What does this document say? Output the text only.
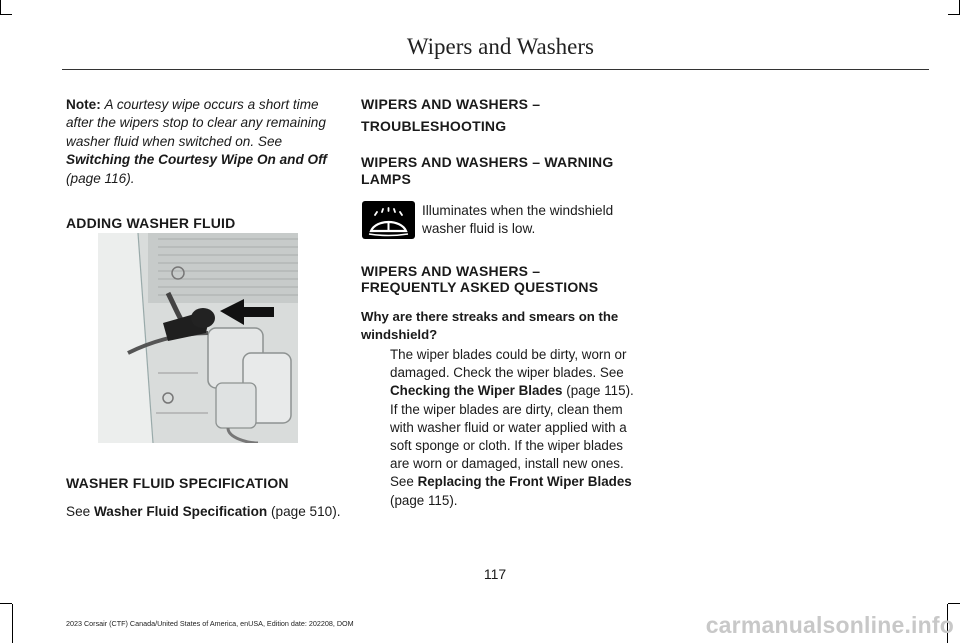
Wipers and Washers

Note: A courtesy wipe occurs a short time after the wipers stop to clear any remaining washer fluid when switched on. See Switching the Courtesy Wipe On and Off (page 116).

ADDING WASHER FLUID
WASHER FLUID SPECIFICATION

See Washer Fluid Specification (page 510).

WIPERS AND WASHERS –
TROUBLESHOOTING
WIPERS AND WASHERS – WARNING
LAMPS
Illuminates when the windshield washer fluid is low.
WIPERS AND WASHERS –
FREQUENTLY ASKED QUESTIONS
Why are there streaks and smears on the windshield?

The wiper blades could be dirty, worn or damaged. Check the wiper blades. See Checking the Wiper Blades (page 115). If the wiper blades are dirty, clean them with washer fluid or water applied with a soft sponge or cloth. If the wiper blades are worn or damaged, install new ones. See Replacing the Front Wiper Blades (page 115).

117
2023 Corsair (CTF) Canada/United States of America, enUSA, Edition date: 202208, DOM	carmanualsonline.info
